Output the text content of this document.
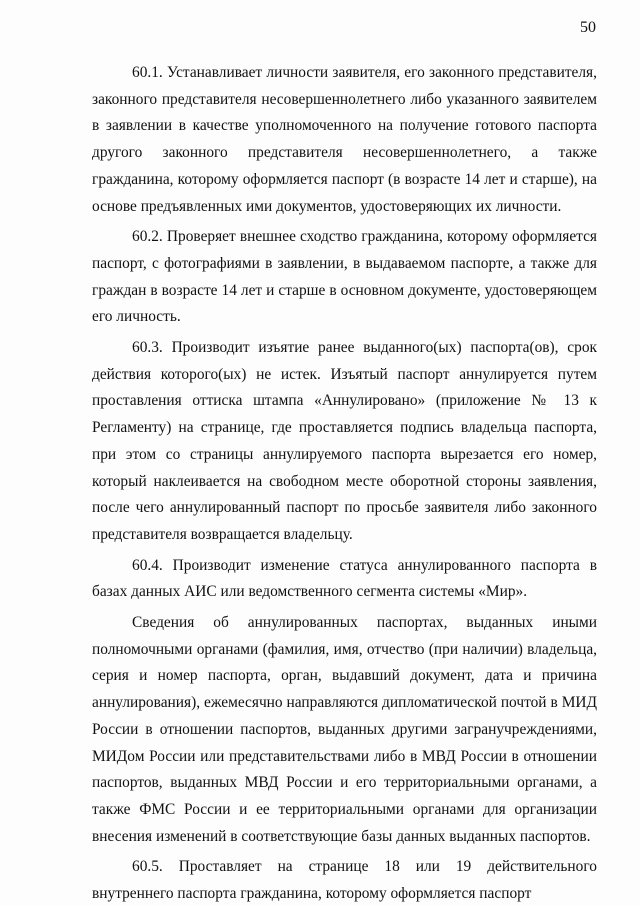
50

60.1. Устанавливает личности заявителя, его законного представителя, законного представителя несовершеннолетнего либо указанного заявителем в заявлении в качестве уполномоченного на получение готового паспорта другого законного представителя несовершеннолетнего, а также гражданина, которому оформляется паспорт (в возрасте 14 лет и старше), на основе предъявленных ими документов, удостоверяющих их личности.

60.2. Проверяет внешнее сходство гражданина, которому оформляется паспорт, с фотографиями в заявлении, в выдаваемом паспорте, а также для граждан в возрасте 14 лет и старше в основном документе, удостоверяющем его личность.

60.3. Производит изъятие ранее выданного(ых) паспорта(ов), срок действия которого(ых) не истек. Изъятый паспорт аннулируется путем проставления оттиска штампа «Аннулировано» (приложение № 13 к Регламенту) на странице, где проставляется подпись владельца паспорта, при этом со страницы аннулируемого паспорта вырезается его номер, который наклеивается на свободном месте оборотной стороны заявления, после чего аннулированный паспорт по просьбе заявителя либо законного представителя возвращается владельцу.

60.4. Производит изменение статуса аннулированного паспорта в базах данных АИС или ведомственного сегмента системы «Мир».

Сведения об аннулированных паспортах, выданных иными полномочными органами (фамилия, имя, отчество (при наличии) владельца, серия и номер паспорта, орган, выдавший документ, дата и причина аннулирования), ежемесячно направляются дипломатической почтой в МИД России в отношении паспортов, выданных другими загранучреждениями, МИДом России или представительствами либо в МВД России в отношении паспортов, выданных МВД России и его территориальными органами, а также ФМС России и ее территориальными органами для организации внесения изменений в соответствующие базы данных выданных паспортов.

60.5. Проставляет на странице 18 или 19 действительного внутреннего паспорта гражданина, которому оформляется паспорт
